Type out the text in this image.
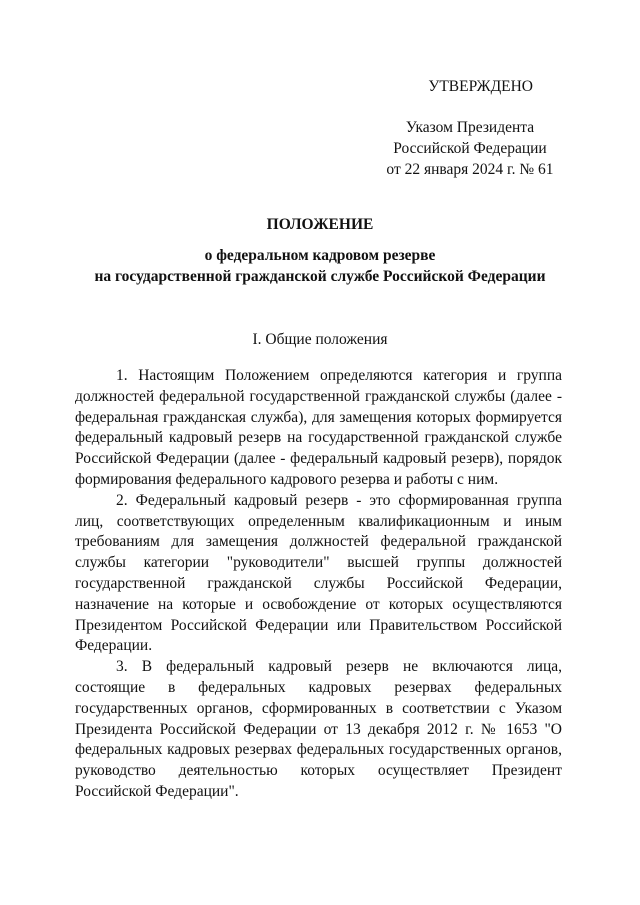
УТВЕРЖДЕНО
Указом Президента
Российской Федерации
от 22 января 2024 г. № 61
ПОЛОЖЕНИЕ
о федеральном кадровом резерве
на государственной гражданской службе Российской Федерации
I. Общие положения

1. Настоящим Положением определяются категория и группа должностей федеральной государственной гражданской службы (далее - федеральная гражданская служба), для замещения которых формируется федеральный кадровый резерв на государственной гражданской службе Российской Федерации (далее - федеральный кадровый резерв), порядок формирования федерального кадрового резерва и работы с ним.

2. Федеральный кадровый резерв - это сформированная группа лиц, соответствующих определенным квалификационным и иным требованиям для замещения должностей федеральной гражданской службы категории "руководители" высшей группы должностей государственной гражданской службы Российской Федерации, назначение на которые и освобождение от которых осуществляются Президентом Российской Федерации или Правительством Российской Федерации.

3. В федеральный кадровый резерв не включаются лица, состоящие в федеральных кадровых резервах федеральных государственных органов, сформированных в соответствии с Указом Президента Российской Федерации от 13 декабря 2012 г. № 1653 "О федеральных кадровых резервах федеральных государственных органов, руководство деятельностью которых осуществляет Президент Российской Федерации".
